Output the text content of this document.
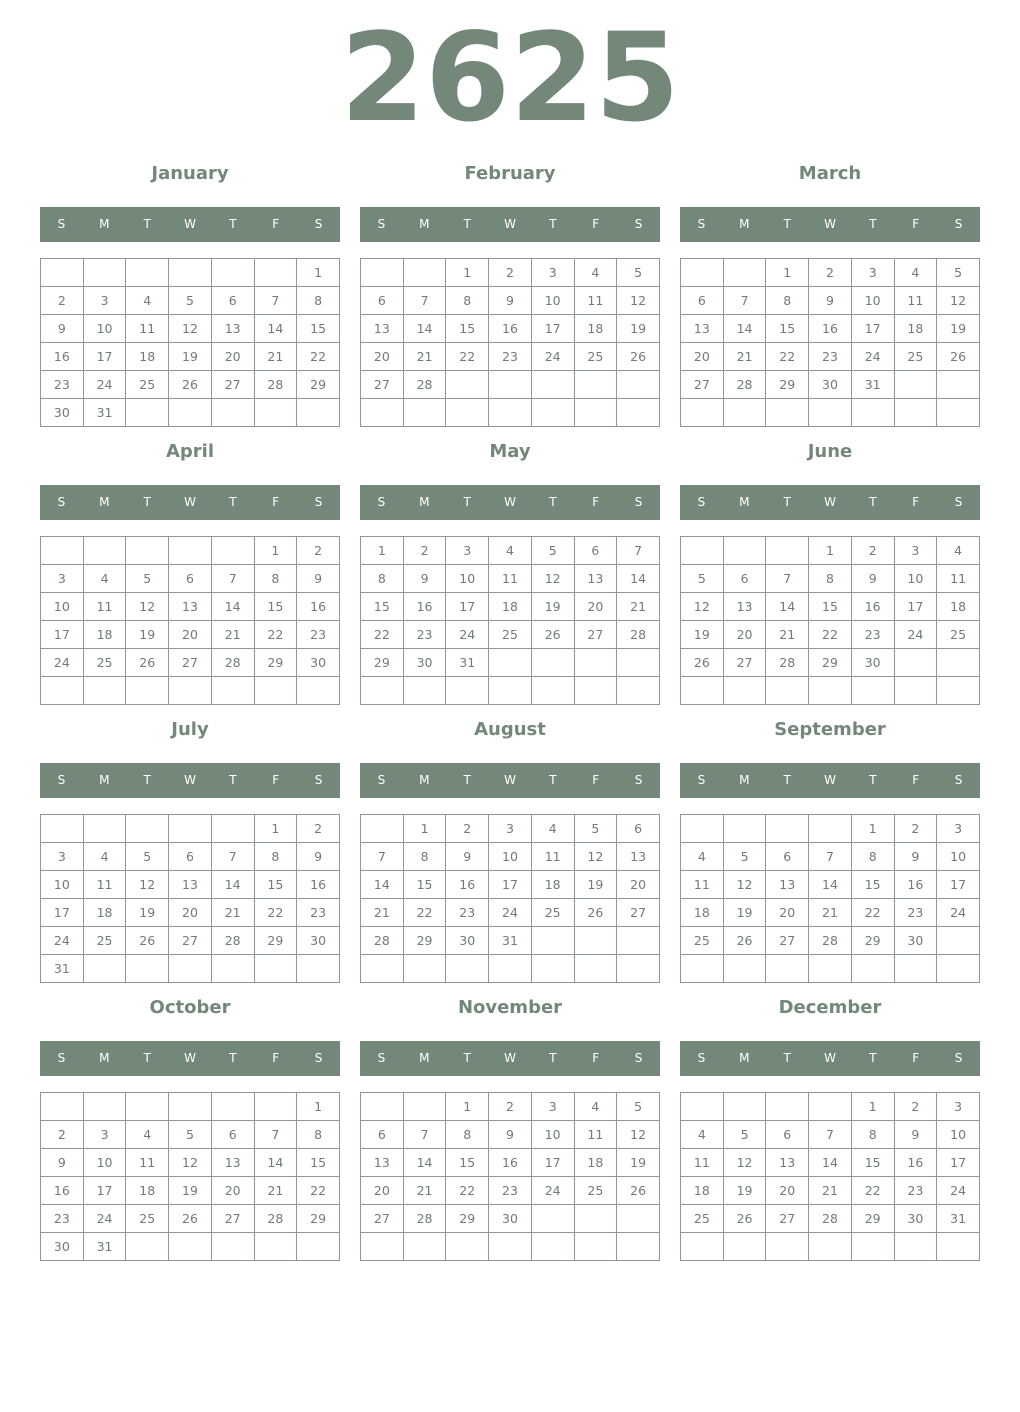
2625
January
S	M	T	W	T	F	S
						1
2	3	4	5	6	7	8
9	10	11	12	13	14	15
16	17	18	19	20	21	22
23	24	25	26	27	28	29
30	31					
February
S	M	T	W	T	F	S
		1	2	3	4	5
6	7	8	9	10	11	12
13	14	15	16	17	18	19
20	21	22	23	24	25	26
27	28					

March
S	M	T	W	T	F	S
		1	2	3	4	5
6	7	8	9	10	11	12
13	14	15	16	17	18	19
20	21	22	23	24	25	26
27	28	29	30	31		

April
S	M	T	W	T	F	S
					1	2
3	4	5	6	7	8	9
10	11	12	13	14	15	16
17	18	19	20	21	22	23
24	25	26	27	28	29	30

May
S	M	T	W	T	F	S
1	2	3	4	5	6	7
8	9	10	11	12	13	14
15	16	17	18	19	20	21
22	23	24	25	26	27	28
29	30	31				

June
S	M	T	W	T	F	S
			1	2	3	4
5	6	7	8	9	10	11
12	13	14	15	16	17	18
19	20	21	22	23	24	25
26	27	28	29	30		

July
S	M	T	W	T	F	S
					1	2
3	4	5	6	7	8	9
10	11	12	13	14	15	16
17	18	19	20	21	22	23
24	25	26	27	28	29	30
31						
August
S	M	T	W	T	F	S
	1	2	3	4	5	6
7	8	9	10	11	12	13
14	15	16	17	18	19	20
21	22	23	24	25	26	27
28	29	30	31			

September
S	M	T	W	T	F	S
				1	2	3
4	5	6	7	8	9	10
11	12	13	14	15	16	17
18	19	20	21	22	23	24
25	26	27	28	29	30	

October
S	M	T	W	T	F	S
						1
2	3	4	5	6	7	8
9	10	11	12	13	14	15
16	17	18	19	20	21	22
23	24	25	26	27	28	29
30	31					
November
S	M	T	W	T	F	S
		1	2	3	4	5
6	7	8	9	10	11	12
13	14	15	16	17	18	19
20	21	22	23	24	25	26
27	28	29	30			

December
S	M	T	W	T	F	S
				1	2	3
4	5	6	7	8	9	10
11	12	13	14	15	16	17
18	19	20	21	22	23	24
25	26	27	28	29	30	31
